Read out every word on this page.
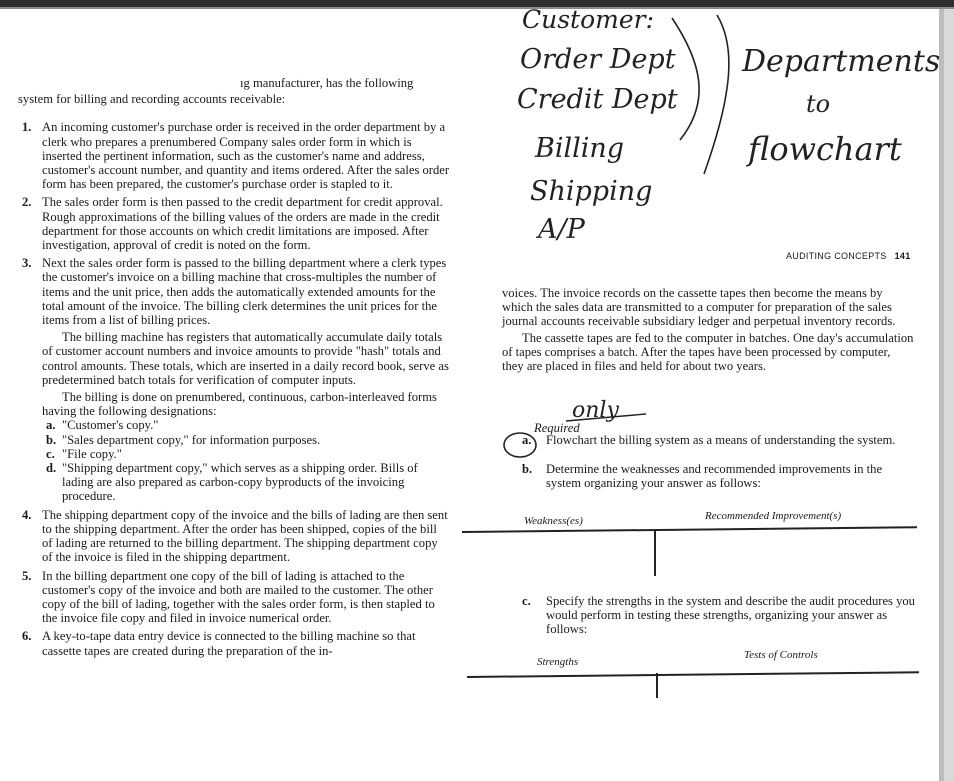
ıg manufacturer, has the following
system for billing and recording accounts receivable:
1. An incoming customer's purchase order is received in the order department by a clerk who prepares a prenumbered Company sales order form in which is inserted the pertinent information, such as the customer's name and address, customer's account number, and quantity and items ordered. After the sales order form has been prepared, the customer's purchase order is stapled to it.
2. The sales order form is then passed to the credit department for credit approval. Rough approximations of the billing values of the orders are made in the credit department for those accounts on which credit limitations are imposed. After investigation, approval of credit is noted on the form.
3. Next the sales order form is passed to the billing department where a clerk types the customer's invoice on a billing machine that cross-multiples the number of items and the unit price, then adds the automatically extended amounts for the total amount of the invoice. The billing clerk determines the unit prices for the items from a list of billing prices.

The billing machine has registers that automatically accumulate daily totals of customer account numbers and invoice amounts to provide "hash" totals and control amounts. These totals, which are inserted in a daily record book, serve as predetermined batch totals for verification of computer inputs.

The billing is done on prenumbered, continuous, carbon-interleaved forms having the following designations:

a. "Customer's copy."
b. "Sales department copy," for information purposes.
c. "File copy."
d. "Shipping department copy," which serves as a shipping order. Bills of lading are also prepared as carbon-copy byproducts of the invoicing procedure.
4. The shipping department copy of the invoice and the bills of lading are then sent to the shipping department. After the order has been shipped, copies of the bill of lading are returned to the billing department. The shipping department copy of the invoice is filed in the shipping department.
5. In the billing department one copy of the bill of lading is attached to the customer's copy of the invoice and both are mailed to the customer. The other copy of the bill of lading, together with the sales order form, is then stapled to the invoice file copy and filed in invoice numerical order.
6. A key-to-tape data entry device is connected to the billing machine so that cassette tapes are created during the preparation of the in-
AUDITING CONCEPTS 141
voices. The invoice records on the cassette tapes then become the means by which the sales data are transmitted to a computer for preparation of the sales journal accounts receivable subsidiary ledger and perpetual inventory records.

The cassette tapes are fed to the computer in batches. One day's accumulation of tapes comprises a batch. After the tapes have been processed by computer, they are placed in files and held for about two years.

Required
a. Flowchart the billing system as a means of understanding the system.
b. Determine the weaknesses and recommended improvements in the system organizing your answer as follows:
Weakness(es)	Recommended Improvement(s)
c. Specify the strengths in the system and describe the audit procedures you would perform in testing these strengths, organizing your answer as follows:
Strengths
Tests of Controls
Customer:
Order Dept
Credit Dept
Billing
Shipping
A/P
Departments
to
flowchart
only
